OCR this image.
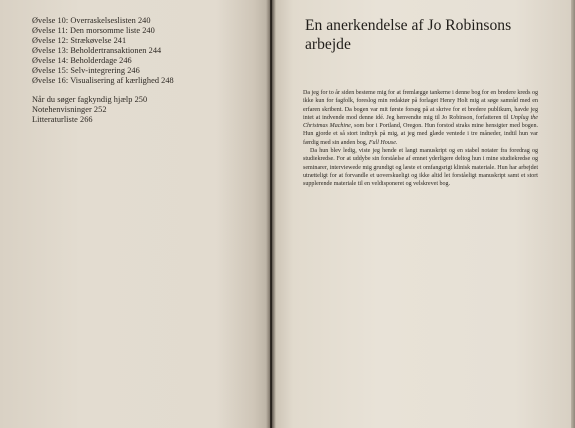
Øvelse 10: Overraskelseslisten 240
Øvelse 11: Den morsomme liste 240
Øvelse 12: Strækøvelse 241
Øvelse 13: Beholdertransaktionen 244
Øvelse 14: Beholderdage 246
Øvelse 15: Selv-integrering 246
Øvelse 16: Visualisering af kærlighed 248
Når du søger fagkyndig hjælp 250
Notehenvisninger 252
Litteraturliste 266
En anerkendelse af Jo Robinsons arbejde

Da jeg for to år siden besteme mig for at fremlægge tankerne i denne bog for en bredere kreds og ikke kun for fagfolk, foreslog min redaktør på forlaget Henry Holt mig at søge samråd med en erfaren skribent. Da bogen var mit første forsøg på at skrive for et bredere publikum, havde jeg intet at indvende mod denne idé. Jeg henvendte mig til Jo Robinson, forfatteren til Unplug the Christmas Machine, som bor i Portland, Oregon. Hun forstod straks mine hensigter med bogen. Hun gjorde et så stort indtryk på mig, at jeg med glæde ventede i tre måneder, indtil hun var færdig med sin anden bog, Full House.

Da hun blev ledig, viste jeg hende et langt manuskript og en stabel notater fra foredrag og studiekredse. For at uddybe sin forståelse af emnet yderligere deltog hun i mine studiekredse og seminarer, interviewede mig grundigt og læste et omfangsrigt klinisk materiale. Hun har arbejdet utrætteligt for at forvandle et uoverskueligt og ikke altid let forståeligt manuskript samt et stort supplerende materiale til en veldisponeret og velskrevet bog.
